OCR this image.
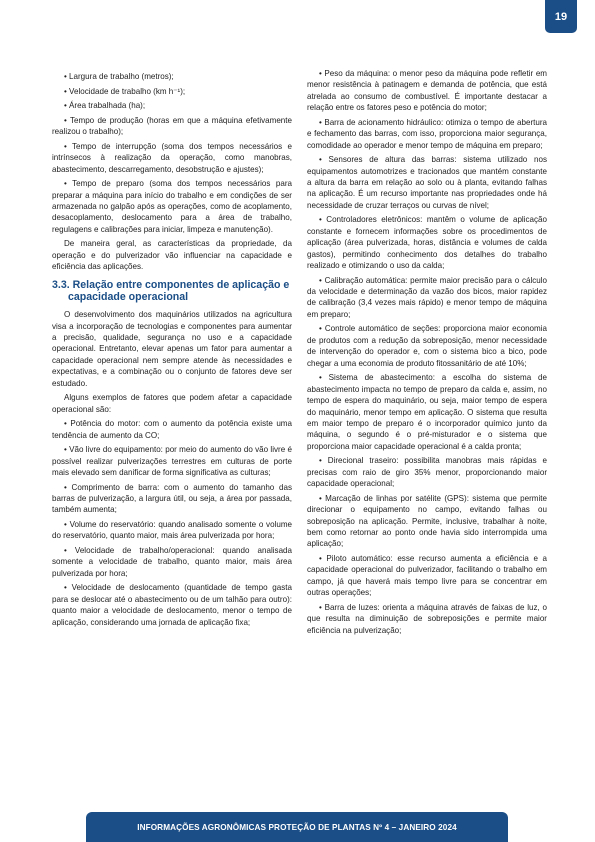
19

• Largura de trabalho (metros);

• Velocidade de trabalho (km h⁻¹);

• Área trabalhada (ha);

• Tempo de produção (horas em que a máquina efetivamente realizou o trabalho);

• Tempo de interrupção (soma dos tempos necessários e intrínsecos à realização da operação, como manobras, abastecimento, descarregamento, desobstrução e ajustes);

• Tempo de preparo (soma dos tempos necessários para preparar a máquina para início do trabalho e em condições de ser armazenada no galpão após as operações, como de acoplamento, desacoplamento, deslocamento para a área de trabalho, regulagens e calibrações para iniciar, limpeza e manutenção).

De maneira geral, as características da propriedade, da operação e do pulverizador vão influenciar na capacidade e eficiência das aplicações.

3.3. Relação entre componentes de aplicação e capacidade operacional

O desenvolvimento dos maquinários utilizados na agricultura visa a incorporação de tecnologias e componentes para aumentar a precisão, qualidade, segurança no uso e a capacidade operacional. Entretanto, elevar apenas um fator para aumentar a capacidade operacional nem sempre atende às necessidades e expectativas, e a combinação ou o conjunto de fatores deve ser estudado.

Alguns exemplos de fatores que podem afetar a capacidade operacional são:

• Potência do motor: com o aumento da potência existe uma tendência de aumento da CO;

• Vão livre do equipamento: por meio do aumento do vão livre é possível realizar pulverizações terrestres em culturas de porte mais elevado sem danificar de forma significativa as culturas;

• Comprimento de barra: com o aumento do tamanho das barras de pulverização, a largura útil, ou seja, a área por passada, também aumenta;

• Volume do reservatório: quando analisado somente o volume do reservatório, quanto maior, mais área pulverizada por hora;

• Velocidade de trabalho/operacional: quando analisada somente a velocidade de trabalho, quanto maior, mais área pulverizada por hora;

• Velocidade de deslocamento (quantidade de tempo gasta para se deslocar até o abastecimento ou de um talhão para outro): quanto maior a velocidade de deslocamento, menor o tempo de aplicação, considerando uma jornada de aplicação fixa;

• Peso da máquina: o menor peso da máquina pode refletir em menor resistência à patinagem e demanda de potência, que está atrelada ao consumo de combustível. É importante destacar a relação entre os fatores peso e potência do motor;

• Barra de acionamento hidráulico: otimiza o tempo de abertura e fechamento das barras, com isso, proporciona maior segurança, comodidade ao operador e menor tempo de máquina em preparo;

• Sensores de altura das barras: sistema utilizado nos equipamentos automotrizes e tracionados que mantém constante a altura da barra em relação ao solo ou à planta, evitando falhas na aplicação. É um recurso importante nas propriedades onde há necessidade de cruzar terraços ou curvas de nível;

• Controladores eletrônicos: mantêm o volume de aplicação constante e fornecem informações sobre os procedimentos de aplicação (área pulverizada, horas, distância e volumes de calda gastos), permitindo conhecimento dos detalhes do trabalho realizado e otimizando o uso da calda;

• Calibração automática: permite maior precisão para o cálculo da velocidade e determinação da vazão dos bicos, maior rapidez de calibração (3,4 vezes mais rápido) e menor tempo de máquina em preparo;

• Controle automático de seções: proporciona maior economia de produtos com a redução da sobreposição, menor necessidade de intervenção do operador e, com o sistema bico a bico, pode chegar a uma economia de produto fitossanitário de até 10%;

• Sistema de abastecimento: a escolha do sistema de abastecimento impacta no tempo de preparo da calda e, assim, no tempo de espera do maquinário, ou seja, maior tempo de espera do maquinário, menor tempo em aplicação. O sistema que resulta em maior tempo de preparo é o incorporador químico junto da máquina, o segundo é o pré-misturador e o sistema que proporciona maior capacidade operacional é a calda pronta;

• Direcional traseiro: possibilita manobras mais rápidas e precisas com raio de giro 35% menor, proporcionando maior capacidade operacional;

• Marcação de linhas por satélite (GPS): sistema que permite direcionar o equipamento no campo, evitando falhas ou sobreposição na aplicação. Permite, inclusive, trabalhar à noite, bem como retornar ao ponto onde havia sido interrompida uma aplicação;

• Piloto automático: esse recurso aumenta a eficiência e a capacidade operacional do pulverizador, facilitando o trabalho em campo, já que haverá mais tempo livre para se concentrar em outras operações;

• Barra de luzes: orienta a máquina através de faixas de luz, o que resulta na diminuição de sobreposições e permite maior eficiência na pulverização;

INFORMAÇÕES AGRONÔMICAS PROTEÇÃO DE PLANTAS Nº 4 – JANEIRO 2024
